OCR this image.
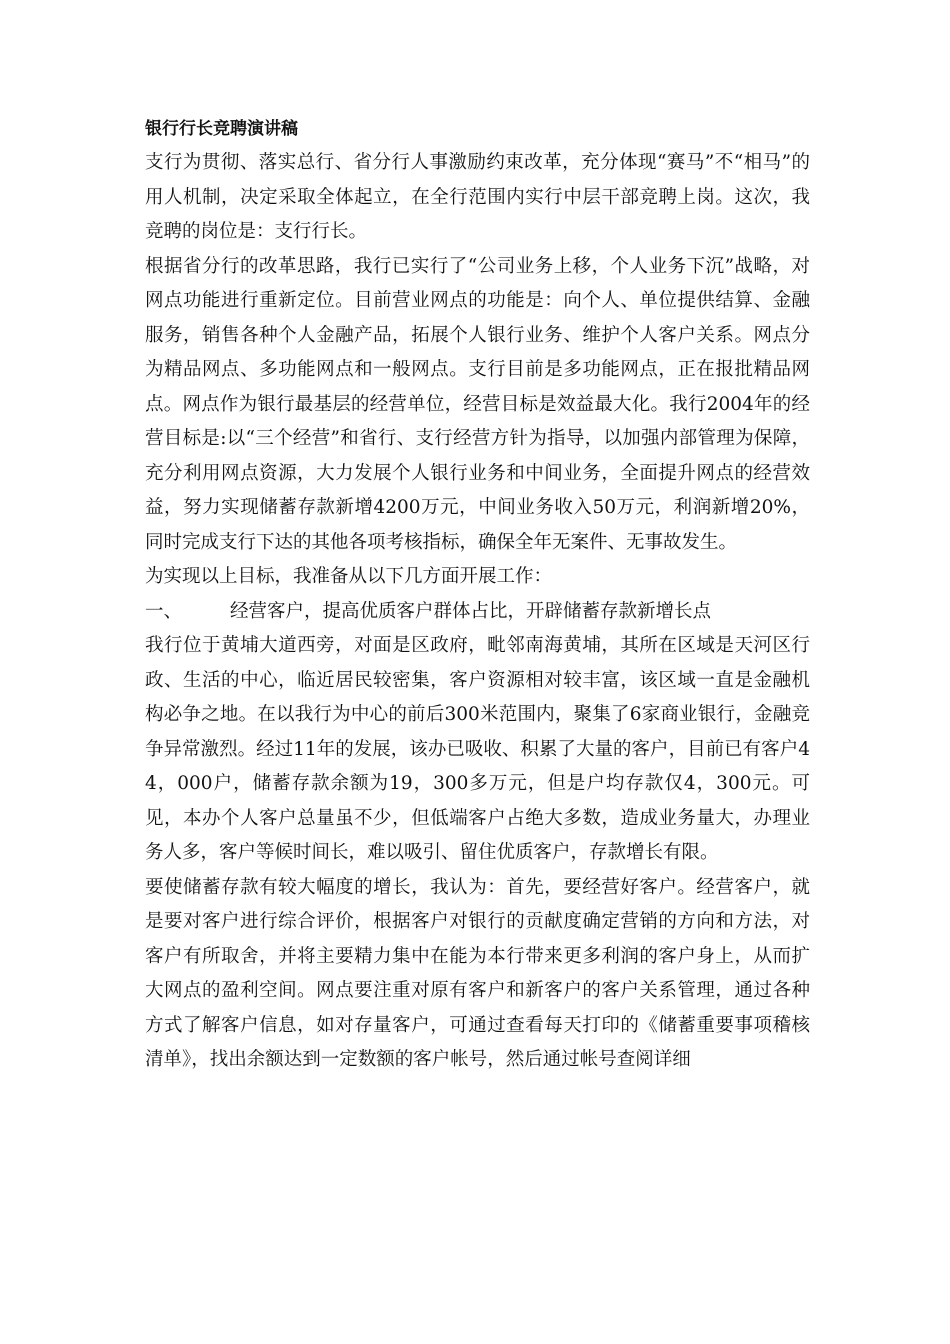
银行行长竞聘演讲稿

支行为贯彻、落实总行、省分行人事激励约束改革，充分体现“赛马”不“相马”的用人机制，决定采取全体起立，在全行范围内实行中层干部竞聘上岗。这次，我竞聘的岗位是：支行行长。

根据省分行的改革思路，我行已实行了“公司业务上移，个人业务下沉”战略，对网点功能进行重新定位。目前营业网点的功能是：向个人、单位提供结算、金融服务，销售各种个人金融产品，拓展个人银行业务、维护个人客户关系。网点分为精品网点、多功能网点和一般网点。支行目前是多功能网点，正在报批精品网点。网点作为银行最基层的经营单位，经营目标是效益最大化。我行2004年的经营目标是:以“三个经营”和省行、支行经营方针为指导，以加强内部管理为保障，充分利用网点资源，大力发展个人银行业务和中间业务，全面提升网点的经营效益，努力实现储蓄存款新增4200万元，中间业务收入50万元，利润新增20%，同时完成支行下达的其他各项考核指标，确保全年无案件、无事故发生。

为实现以上目标，我准备从以下几方面开展工作：

一、	经营客户，提高优质客户群体占比，开辟储蓄存款新增长点

我行位于黄埔大道西旁，对面是区政府，毗邻南海黄埔，其所在区域是天河区行政、生活的中心，临近居民较密集，客户资源相对较丰富，该区域一直是金融机构必争之地。在以我行为中心的前后300米范围内，聚集了6家商业银行，金融竞争异常激烈。经过11年的发展，该办已吸收、积累了大量的客户，目前已有客户44，000户，储蓄存款余额为19，300多万元，但是户均存款仅4，300元。可见，本办个人客户总量虽不少，但低端客户占绝大多数，造成业务量大，办理业务人多，客户等候时间长，难以吸引、留住优质客户，存款增长有限。

要使储蓄存款有较大幅度的增长，我认为：首先，要经营好客户。经营客户，就是要对客户进行综合评价，根据客户对银行的贡献度确定营销的方向和方法，对客户有所取舍，并将主要精力集中在能为本行带来更多利润的客户身上，从而扩大网点的盈利空间。网点要注重对原有客户和新客户的客户关系管理，通过各种方式了解客户信息，如对存量客户，可通过查看每天打印的《储蓄重要事项稽核清单》，找出余额达到一定数额的客户帐号，然后通过帐号查阅详细
